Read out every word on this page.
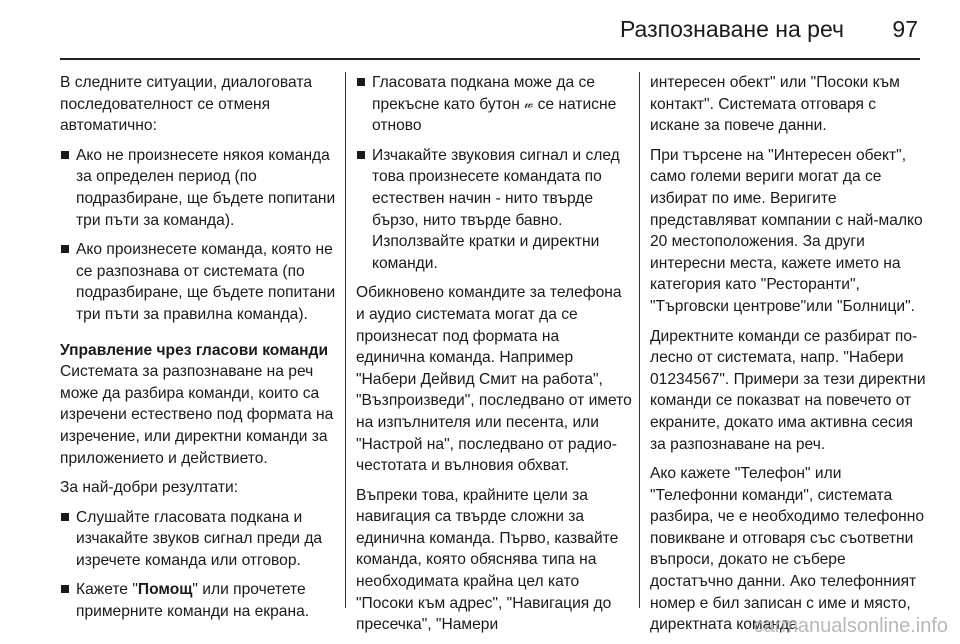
Разпознаване на реч 97

В следните ситуации, диалоговата последователност се отменя автоматично:

Ако не произнесете някоя команда за определен период (по подразбиране, ще бъдете попитани три пъти за команда).
Ако произнесете команда, която не се разпознава от системата (по подразбиране, ще бъдете попитани три пъти за правилна команда).

Управление чрез гласови команди

Системата за разпознаване на реч може да разбира команди, които са изречени естествено под формата на изречение, или директни команди за приложението и действието.

За най-добри резултати:

Слушайте гласовата подкана и изчакайте звуков сигнал преди да изречете команда или отговор.
Кажете "Помощ" или прочетете примерните команди на екрана.
Гласовата подкана може да се прекъсне като бутон 𝓌 се натисне отново
Изчакайте звуковия сигнал и след това произнесете командата по естествен начин - нито твърде бързо, нито твърде бавно. Използвайте кратки и директни команди.

Обикновено командите за телефона и аудио системата могат да се произнесат под формата на единична команда. Например "Набери Дейвид Смит на работа", "Възпроизведи", последвано от името на изпълнителя или песента, или "Настрой на", последвано от радио-честотата и вълновия обхват.

Въпреки това, крайните цели за навигация са твърде сложни за единична команда. Първо, казвайте команда, която обяснява типа на необходимата крайна цел като "Посоки към адрес", "Навигация до пресечка", "Намери

интересен обект" или "Посоки към контакт". Системата отговаря с искане за повече данни.

При търсене на "Интересен обект", само големи вериги могат да се избират по име. Веригите представляват компании с най-малко 20 местоположения. За други интересни места, кажете името на категория като "Ресторанти", "Търговски центрове"или "Болници".

Директните команди се разбират по-лесно от системата, напр. "Набери 01234567". Примери за тези директни команди се показват на повечето от екраните, докато има активна сесия за разпознаване на реч.

Ако кажете "Телефон" или "Телефонни команди", системата разбира, че е необходимо телефонно повикване и отговаря със съответни въпроси, докато не събере достатъчно данни. Ако телефонният номер е бил записан с име и място, директната команда

carmanualsonline.info
